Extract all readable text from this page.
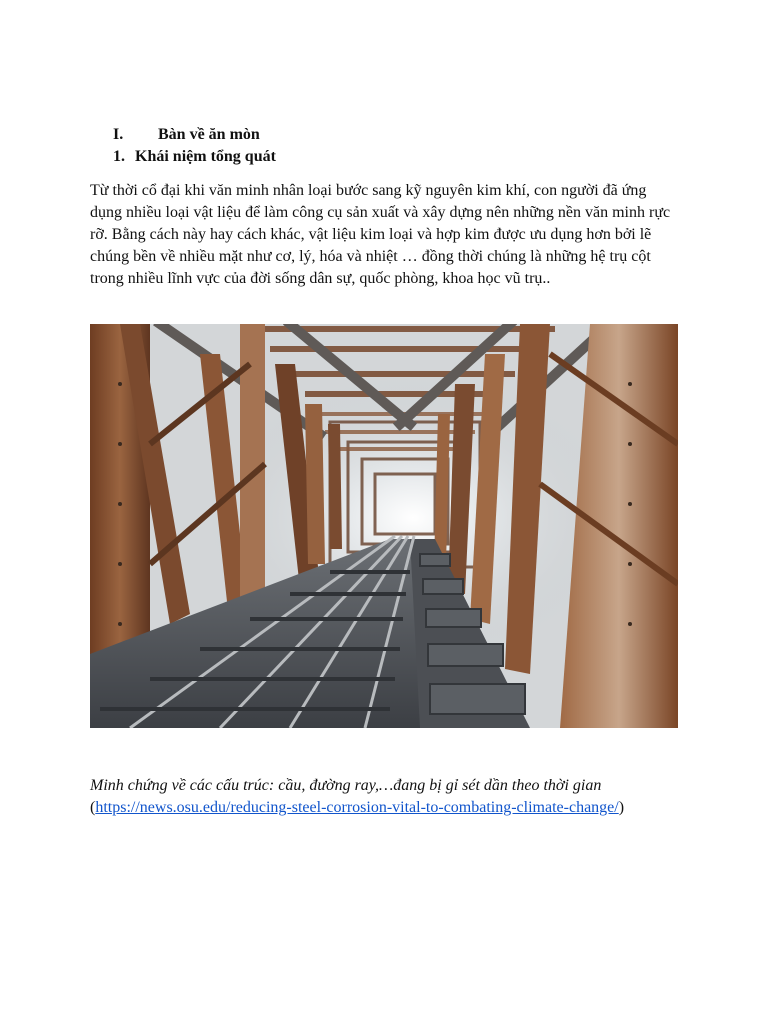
I. Bàn về ăn mòn
1. Khái niệm tổng quát

Từ thời cổ đại khi văn minh nhân loại bước sang kỹ nguyên kim khí, con người đã ứng dụng nhiều loại vật liệu để làm công cụ sản xuất và xây dựng nên những nền văn minh rực rỡ. Bằng cách này hay cách khác, vật liệu kim loại và hợp kim được ưu dụng hơn bởi lẽ chúng bền về nhiều mặt như cơ, lý, hóa và nhiệt … đồng thời chúng là những hệ trụ cột trong nhiều lĩnh vực của đời sống dân sự, quốc phòng, khoa học vũ trụ..

Minh chứng về các cấu trúc: cầu, đường ray,…đang bị gỉ sét dần theo thời gian
(https://news.osu.edu/reducing-steel-corrosion-vital-to-combating-climate-change/)
